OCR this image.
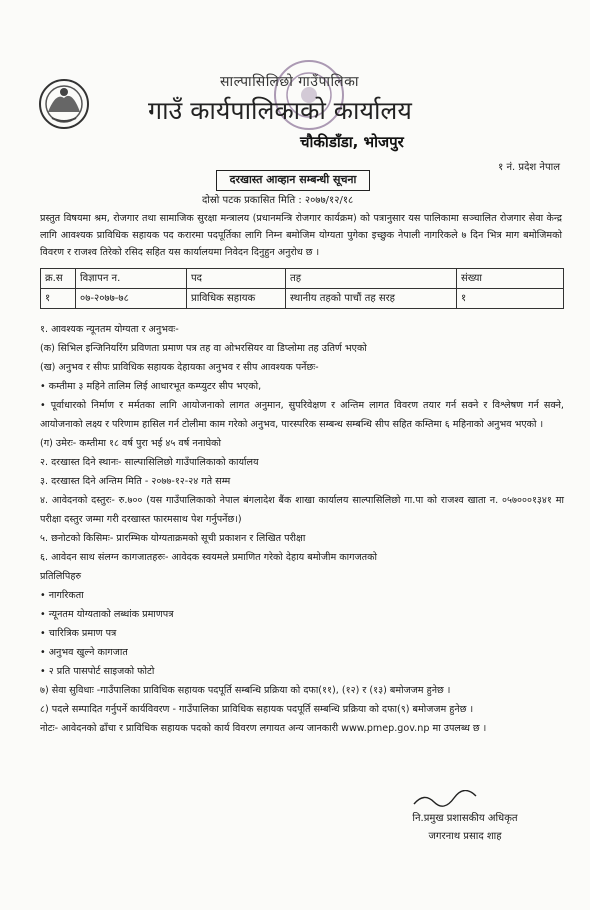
साल्पासिलिछो गाउँपालिका
गाउँ कार्यपालिकाको कार्यालय
चौकीडाँडा, भोजपुर
१ नं. प्रदेश नेपाल
दरखास्त आव्हान सम्बन्धी सूचना
दोस्रो पटक प्रकासित मिति : २०७७/१२/१८
प्रस्तुत विषयमा श्रम, रोजगार तथा सामाजिक सुरक्षा मन्त्रालय (प्रधानमन्त्रि रोजगार कार्यक्रम) को पत्रानुसार यस पालिकामा सञ्चालित रोजगार सेवा केन्द्र लागि आवश्यक प्राविधिक सहायक पद करारमा पदपूर्तिका लागि निम्न बमोजिम योग्यता पुगेका इच्छुक नेपाली नागरिकले ७ दिन भित्र माग बमोजिमको विवरण र राजश्व तिरेको रसिद सहित यस कार्यालयमा निवेदन दिनुहुन अनुरोध छ ।
क्र.स	विज्ञापन न.	पद	तह	संख्या
१	०७-२०७७-७८	प्राविधिक सहायक	स्थानीय तहको पाचौं तह सरह	१
१. आवश्यक न्यूनतम योग्यता र अनुभवः-
(क) सिभिल इन्जिनियरिंग प्रविणता प्रमाण पत्र तह वा ओभरसियर वा डिप्लोमा तह उतिर्ण भएको
(ख) अनुभव र सीपः प्राविधिक सहायक देहायका अनुभव र सीप आवश्यक पर्नेछः-
• कम्तीमा ३ महिने तालिम लिई आधारभूत कम्प्युटर सीप भएको,
• पूर्वाधारको निर्माण र मर्मतका लागि आयोजनाको लागत अनुमान, सुपरिवेक्षण र अन्तिम लागत विवरण तयार गर्न सक्ने र विश्लेषण गर्न सक्ने, आयोजनाको लक्ष्य र परिणाम हासिल गर्न टोलीमा काम गरेको अनुभव, पारस्परिक सम्बन्ध सम्बन्धि सीप सहित कम्तिमा ६ महिनाको अनुभव भएको ।
(ग) उमेरः- कम्तीमा १८ वर्ष पुरा भई ४५ वर्ष ननाघेको
२. दरखास्त दिने स्थानः- साल्पासिलिछो गाउँपालिकाको कार्यालय
३. दरखास्त दिने अन्तिम मिति - २०७७-१२-२४ गते सम्म
४. आवेदनको दस्तुरः- रु.७०० (यस गाउँपालिकाको नेपाल बंगलादेश बैंक शाखा कार्यालय साल्पासिलिछो गा.पा को राजश्व खाता न. ०५७०००१३४१ मा परीक्षा दस्तुर जम्मा गरी दरखास्त फारमसाथ पेश गर्नुपर्नेछ।)
५. छनोटको किसिमः- प्रारम्भिक योग्यताक्रमको सूची प्रकाशन र लिखित परीक्षा
६. आवेदन साथ संलग्न कागजातहरुः- आवेदक स्वयमले प्रमाणित गरेको देहाय बमोजीम कागजतको
प्रतिलिपिहरु
• नागरिकता
• न्यूनतम योग्यताको लब्धांक प्रमाणपत्र
• चारित्रिक प्रमाण पत्र
• अनुभव खुल्ने कागजात
• २ प्रति पासपोर्ट साइजको फोटो
७) सेवा सुविधाः -गाउँपालिका प्राविधिक सहायक पदपूर्ति सम्बन्धि प्रक्रिया को दफा(११), (१२) र (१३) बमोजजम हुनेछ ।
८) पदले सम्पादित गर्नुपर्ने कार्यविवरण - गाउँपालिका प्राविधिक सहायक पदपूर्ति सम्बन्धि प्रक्रिया को दफा(९) बमोजजम हुनेछ ।
नोटः- आवेदनको ढाँचा र प्राविधिक सहायक पदको कार्य विवरण लगायत अन्य जानकारी www.pmep.gov.np मा उपलब्ध छ ।
नि.प्रमुख प्रशासकीय अधिकृत
जगरनाथ प्रसाद शाह
